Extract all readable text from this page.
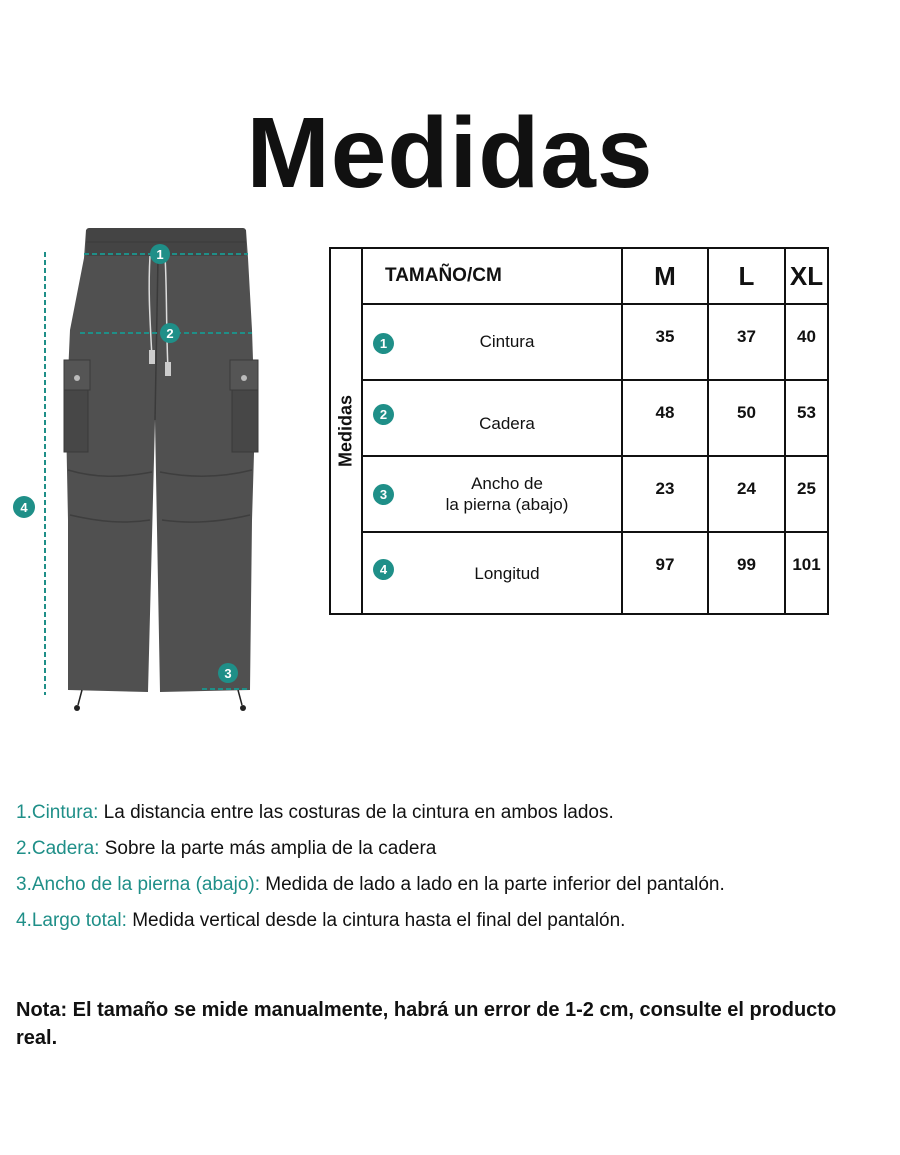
Medidas
1
2
3
4
Medidas	TAMAÑO/CM	M	L	XL

1 Cintura	35	37	40

2 Cadera	48	50	53

3
Ancho de
la pierna (abajo)	23	24	25

4 Longitud	97	99	101
1.Cintura: La distancia entre las costuras de la cintura en ambos lados.
2.Cadera: Sobre la parte más amplia de la cadera
3.Ancho de la pierna (abajo): Medida de lado a lado en la parte inferior del pantalón.
4.Largo total: Medida vertical desde la cintura hasta el final del pantalón.
Nota: El tamaño se mide manualmente, habrá un error de 1-2 cm, consulte el producto real.
